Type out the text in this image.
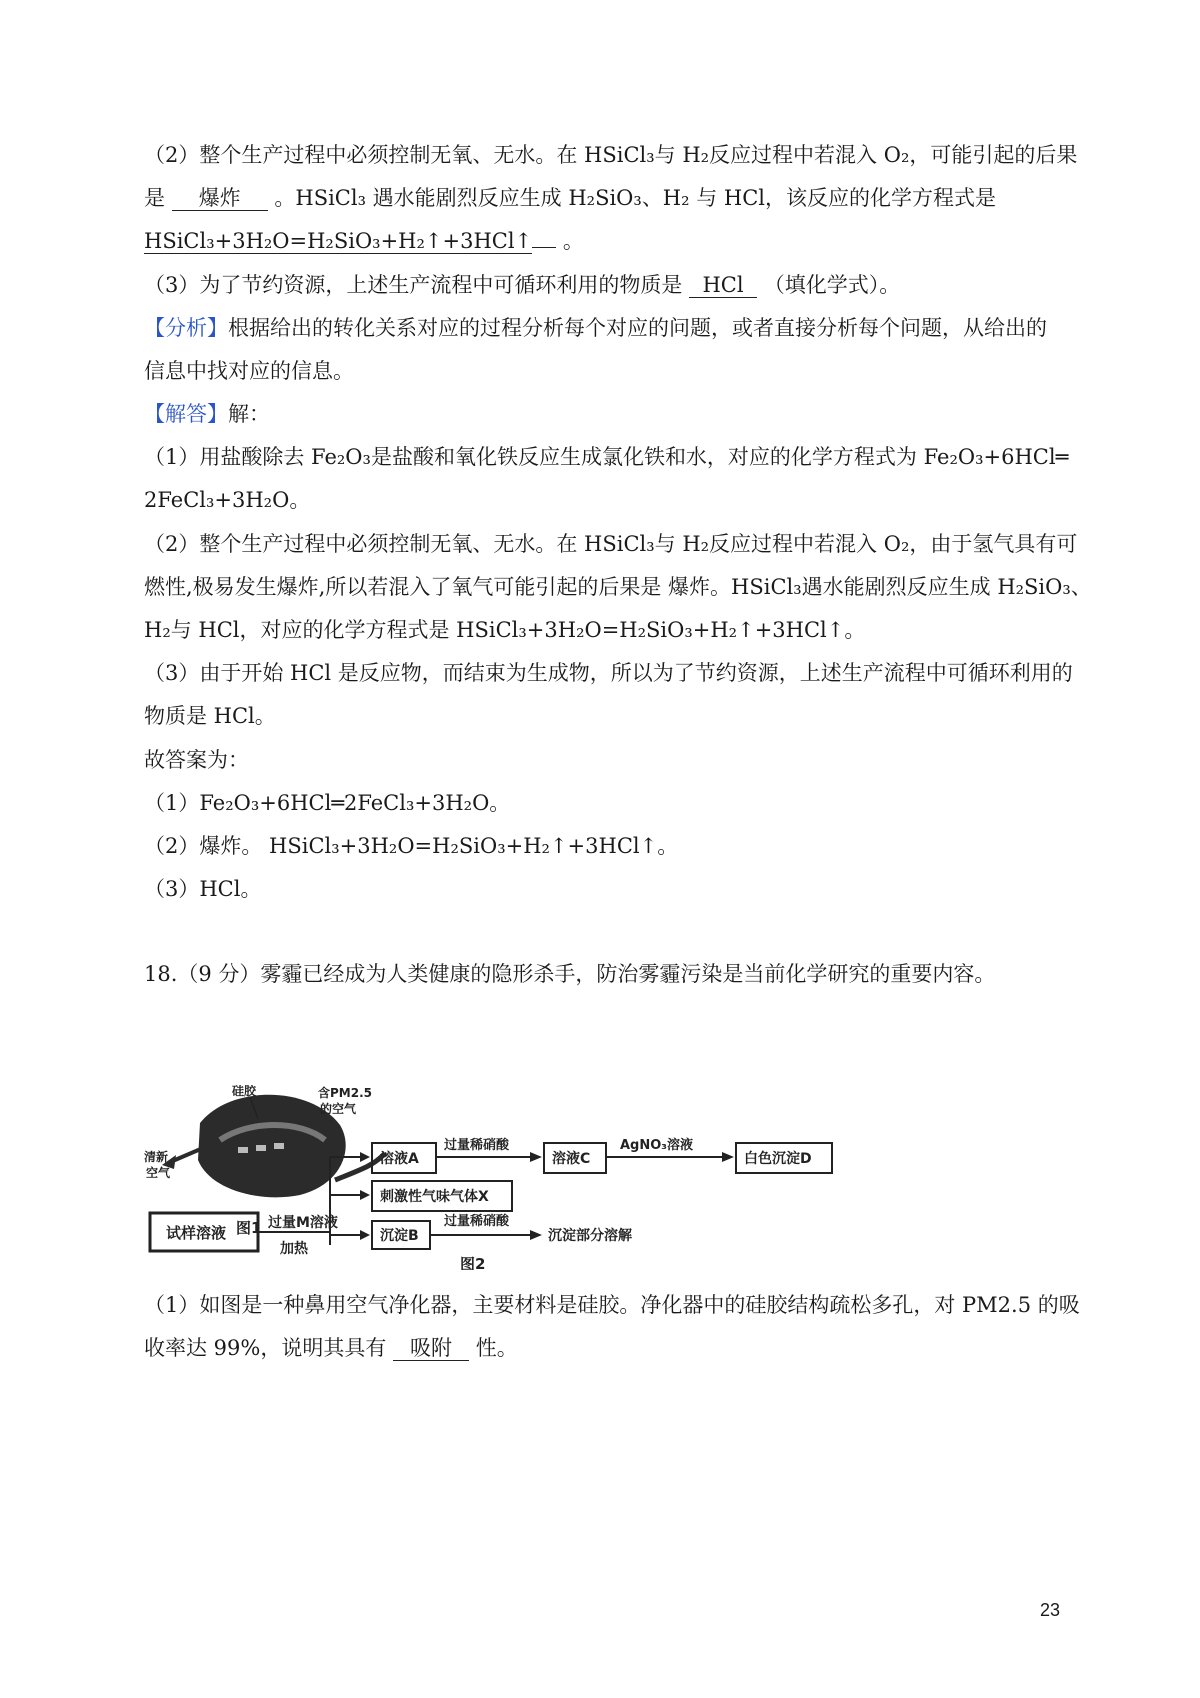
（2）整个生产过程中必须控制无氧、无水。在 HSiCl₃与 H₂反应过程中若混入 O₂，可能引起的后果
是 爆炸 。HSiCl₃ 遇水能剧烈反应生成 H₂SiO₃、H₂ 与 HCl，该反应的化学方程式是
HSiCl₃+3H₂O=H₂SiO₃+H₂↑+3HCl↑ 。
（3）为了节约资源，上述生产流程中可循环利用的物质是 HCl （填化学式）。
【分析】根据给出的转化关系对应的过程分析每个对应的问题，或者直接分析每个问题，从给出的
信息中找对应的信息。
【解答】解：
（1）用盐酸除去 Fe₂O₃是盐酸和氧化铁反应生成氯化铁和水，对应的化学方程式为 Fe₂O₃+6HCl═
2FeCl₃+3H₂O。
（2）整个生产过程中必须控制无氧、无水。在 HSiCl₃与 H₂反应过程中若混入 O₂，由于氢气具有可
燃性,极易发生爆炸,所以若混入了氧气可能引起的后果是 爆炸。HSiCl₃遇水能剧烈反应生成 H₂SiO₃、
H₂与 HCl，对应的化学方程式是 HSiCl₃+3H₂O=H₂SiO₃+H₂↑+3HCl↑。
（3）由于开始 HCl 是反应物，而结束为生成物，所以为了节约资源，上述生产流程中可循环利用的
物质是 HCl。
故答案为：
（1）Fe₂O₃+6HCl═2FeCl₃+3H₂O。
（2）爆炸。 HSiCl₃+3H₂O=H₂SiO₃+H₂↑+3HCl↑。
（3）HCl。
18.（9 分）雾霾已经成为人类健康的隐形杀手，防治雾霾污染是当前化学研究的重要内容。
硅胶	含PM2.5
的空气
清新
空气
图1
试样溶液
过量M溶液
加热
溶液A
过量稀硝酸
溶液C
AgNO₃溶液
白色沉淀D
刺激性气味气体X
沉淀B
过量稀硝酸
沉淀部分溶解
图2
（1）如图是一种鼻用空气净化器，主要材料是硅胶。净化器中的硅胶结构疏松多孔，对 PM2.5 的吸
收率达 99%，说明其具有 吸附 性。
23
